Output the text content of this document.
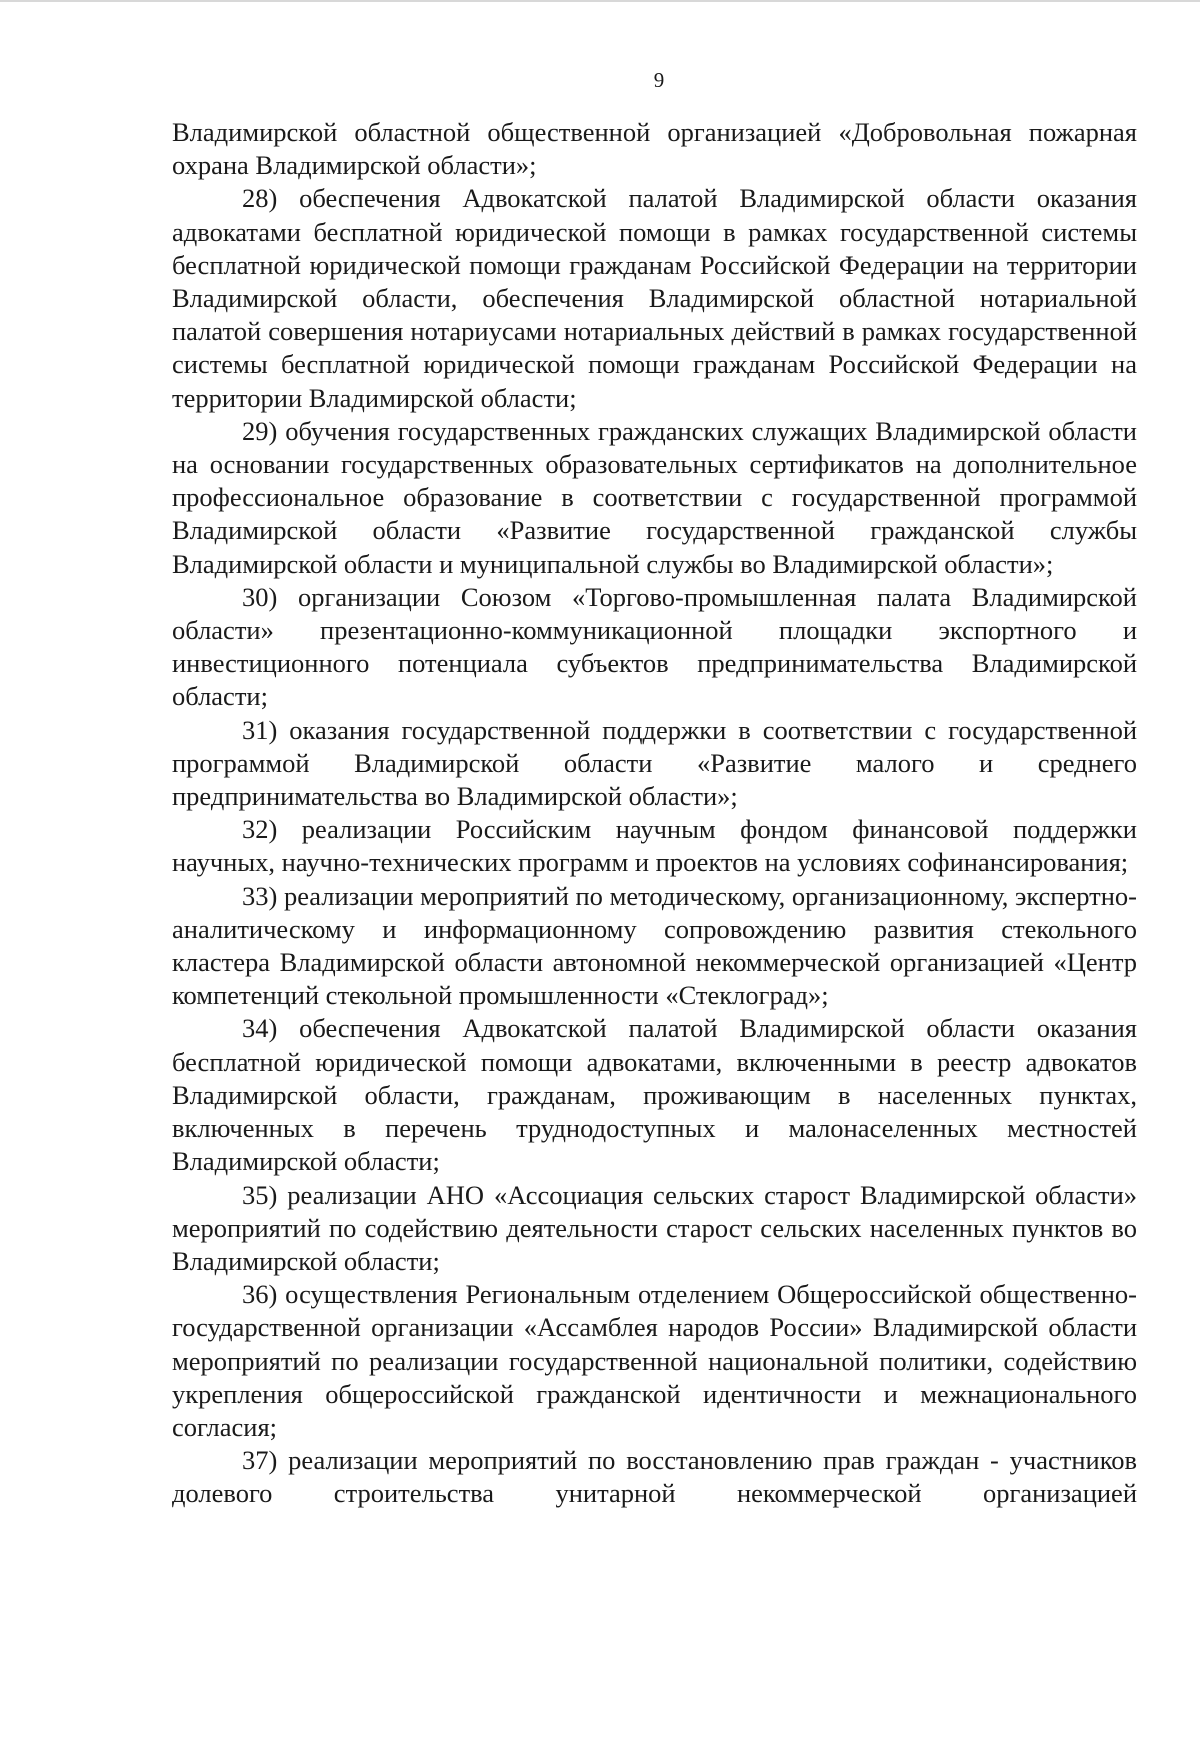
9

Владимирской областной общественной организацией «Добровольная пожарная охрана Владимирской области»;

28) обеспечения Адвокатской палатой Владимирской области оказания адвокатами бесплатной юридической помощи в рамках государственной системы бесплатной юридической помощи гражданам Российской Федерации на территории Владимирской области, обеспечения Владимирской областной нотариальной палатой совершения нотариусами нотариальных действий в рамках государственной системы бесплатной юридической помощи гражданам Российской Федерации на территории Владимирской области;

29) обучения государственных гражданских служащих Владимирской области на основании государственных образовательных сертификатов на дополнительное профессиональное образование в соответствии с государственной программой Владимирской области «Развитие государственной гражданской службы Владимирской области и муниципальной службы во Владимирской области»;

30) организации Союзом «Торгово-промышленная палата Владимирской области» презентационно-коммуникационной площадки экспортного и инвестиционного потенциала субъектов предпринимательства Владимирской области;

31) оказания государственной поддержки в соответствии с государственной программой Владимирской области «Развитие малого и среднего предпринимательства во Владимирской области»;

32) реализации Российским научным фондом финансовой поддержки научных, научно-технических программ и проектов на условиях софинансирования;

33) реализации мероприятий по методическому, организационному, экспертно-аналитическому и информационному сопровождению развития стекольного кластера Владимирской области автономной некоммерческой организацией «Центр компетенций стекольной промышленности «Стеклоград»;

34) обеспечения Адвокатской палатой Владимирской области оказания бесплатной юридической помощи адвокатами, включенными в реестр адвокатов Владимирской области, гражданам, проживающим в населенных пунктах, включенных в перечень труднодоступных и малонаселенных местностей Владимирской области;

35) реализации АНО «Ассоциация сельских старост Владимирской области» мероприятий по содействию деятельности старост сельских населенных пунктов во Владимирской области;

36) осуществления Региональным отделением Общероссийской общественно-государственной организации «Ассамблея народов России» Владимирской области мероприятий по реализации государственной национальной политики, содействию укрепления общероссийской гражданской идентичности и межнационального согласия;

37) реализации мероприятий по восстановлению прав граждан - участников долевого строительства унитарной некоммерческой организацией
